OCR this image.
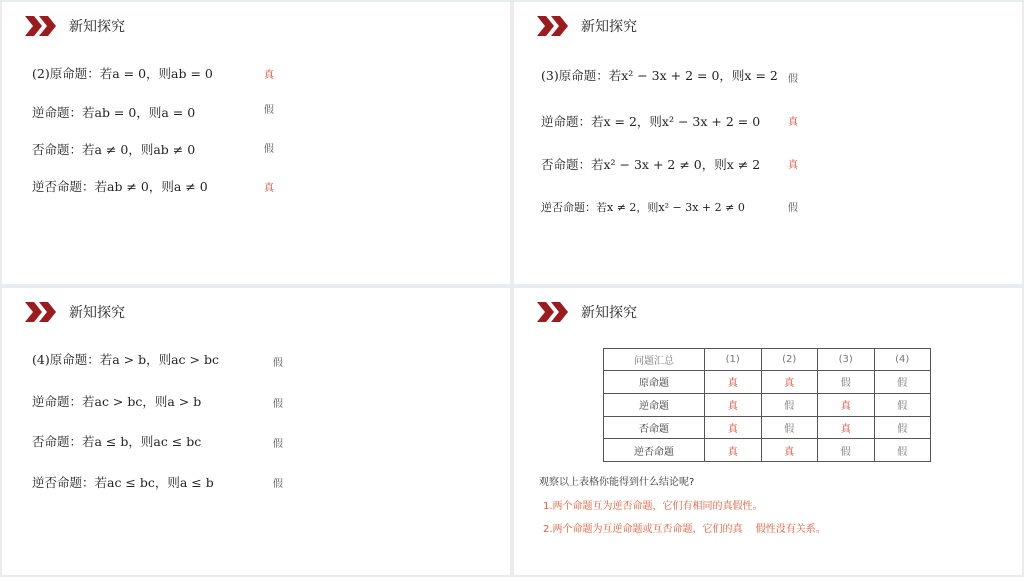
新知探究
(2)原命题：若a = 0，则ab = 0	真
逆命题：若ab = 0，则a = 0	假
否命题：若a ≠ 0，则ab ≠ 0	假
逆否命题：若ab ≠ 0，则a ≠ 0	真
新知探究
(3)原命题：若x² − 3x + 2 = 0，则x = 2 假
逆命题：若x = 2，则x² − 3x + 2 = 0	真
否命题：若x² − 3x + 2 ≠ 0，则x ≠ 2	真
逆否命题：若x ≠ 2，则x² − 3x + 2 ≠ 0	假
新知探究
(4)原命题：若a > b，则ac > bc	假
逆命题：若ac > bc，则a > b	假
否命题：若a ≤ b，则ac ≤ bc	假
逆否命题：若ac ≤ bc，则a ≤ b	假
新知探究
问题汇总	(1)	(2)	(3)	(4)
原命题	真	真	假	假
逆命题	真	假	真	假
否命题	真	假	真	假
逆否命题	真	真	假	假
观察以上表格你能得到什么结论呢?
1.两个命题互为逆否命题，它们有相同的真假性。
2.两个命题为互逆命题或互否命题，它们的真　 假性没有关系。
